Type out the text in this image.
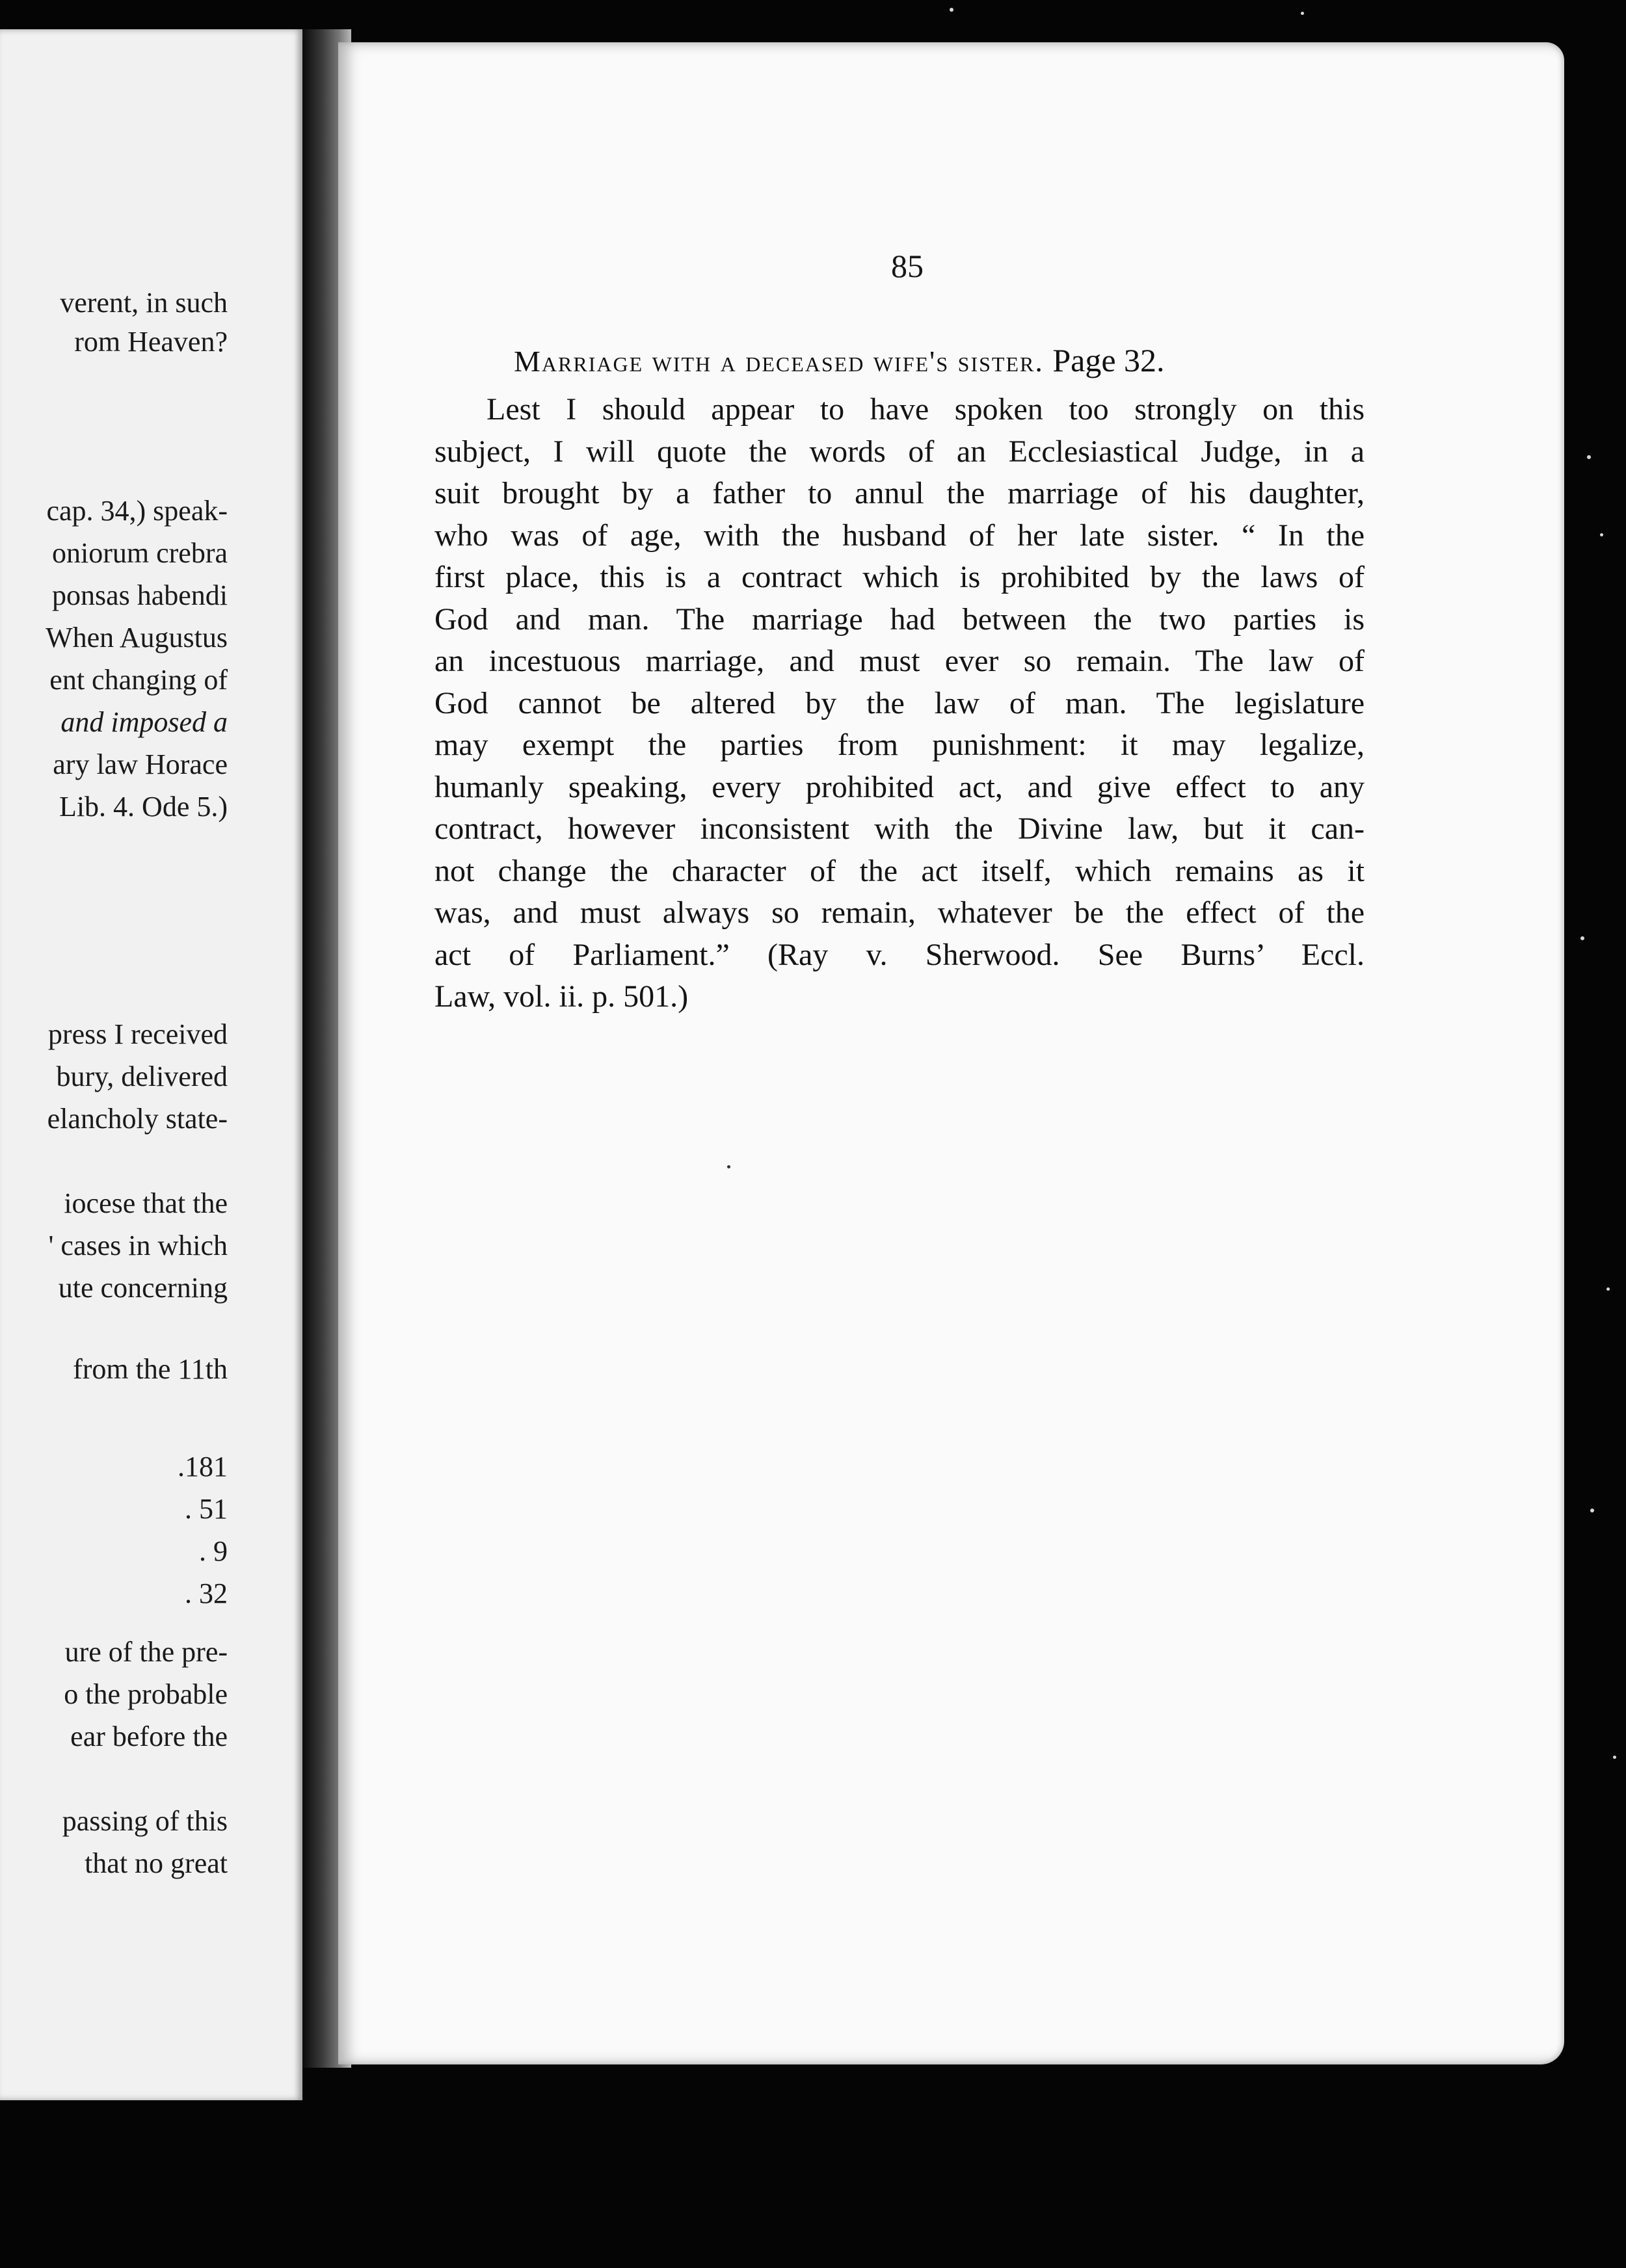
verent, in such
rom Heaven?
cap. 34,) speak-
oniorum crebra
ponsas habendi
When Augustus
ent changing of
and imposed a
ary law Horace
Lib. 4. Ode 5.)
press I received
bury, delivered
elancholy state-
iocese that the
' cases in which
ute concerning
from the 11th
.181
. 51
. 9
. 32
ure of the pre-
o the probable
ear before the
passing of this
that no great
85
Marriage with a deceased wife's sister. Page 32.
Lest I should appear to have spoken too strongly on this
subject, I will quote the words of an Ecclesiastical Judge, in a
suit brought by a father to annul the marriage of his daughter,
who was of age, with the husband of her late sister. “ In the
first place, this is a contract which is prohibited by the laws of
God and man. The marriage had between the two parties is
an incestuous marriage, and must ever so remain. The law of
God cannot be altered by the law of man. The legislature
may exempt the parties from punishment: it may legalize,
humanly speaking, every prohibited act, and give effect to any
contract, however inconsistent with the Divine law, but it can-
not change the character of the act itself, which remains as it
was, and must always so remain, whatever be the effect of the
act of Parliament.” (Ray v. Sherwood. See Burns’ Eccl.
Law, vol. ii. p. 501.)
